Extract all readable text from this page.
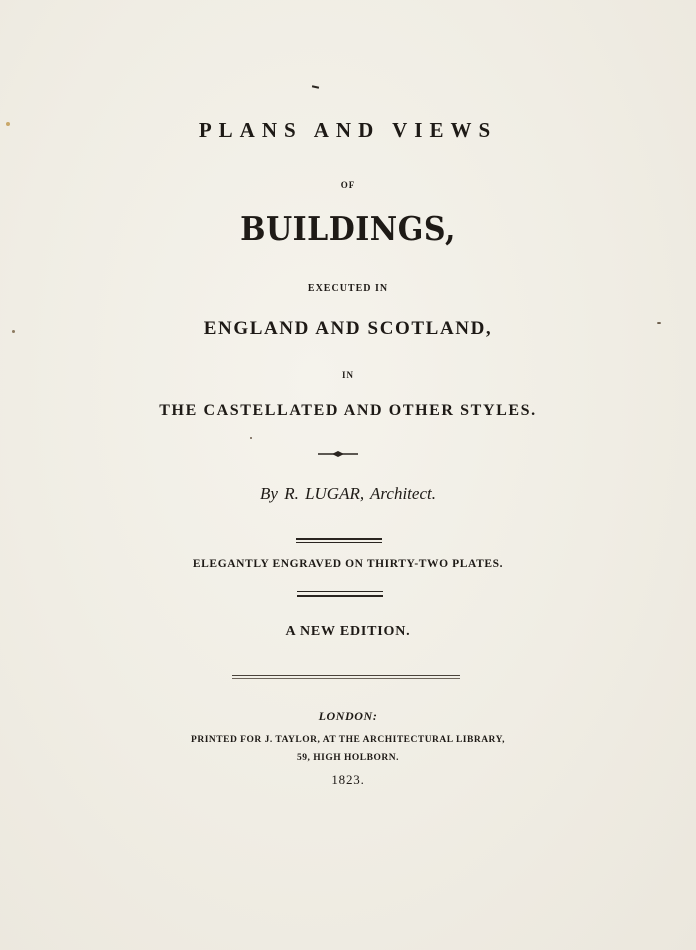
PLANS AND VIEWS
OF
BUILDINGS,
EXECUTED IN
ENGLAND AND SCOTLAND,
IN
THE CASTELLATED AND OTHER STYLES.
By R. LUGAR, Architect.
ELEGANTLY ENGRAVED ON THIRTY-TWO PLATES.
A NEW EDITION.
LONDON:
PRINTED FOR J. TAYLOR, AT THE ARCHITECTURAL LIBRARY,
59, HIGH HOLBORN.
1823.
